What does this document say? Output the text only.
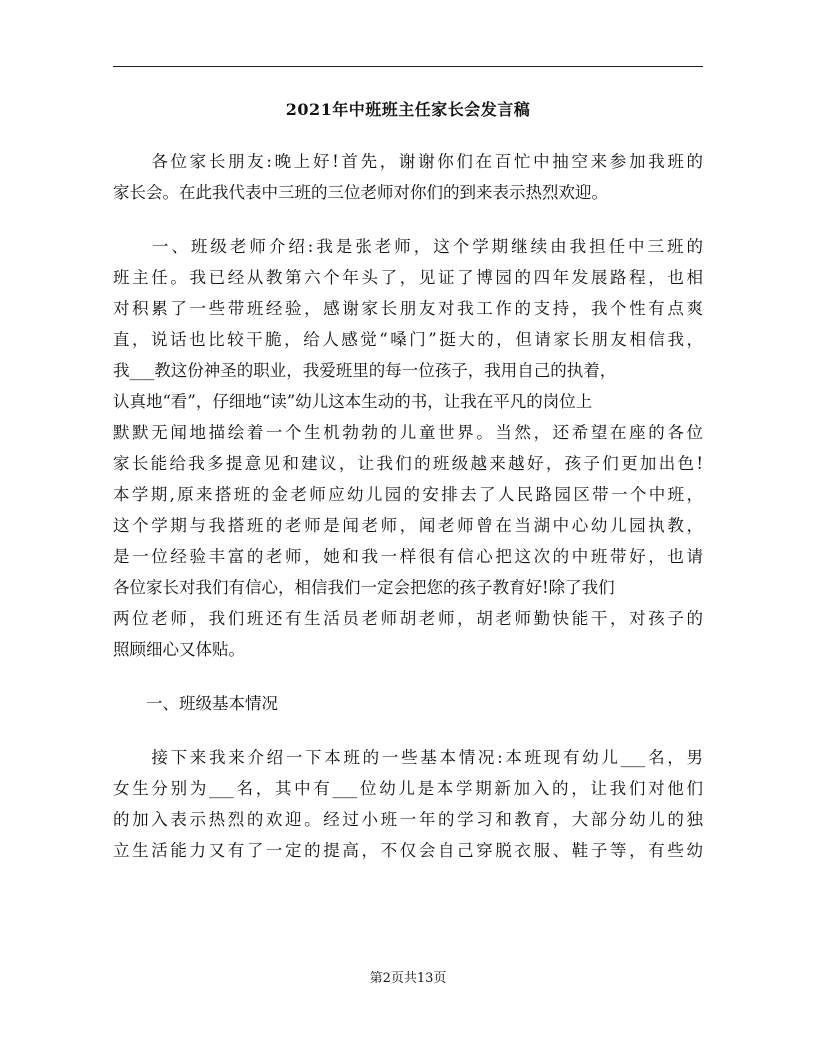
2021年中班班主任家长会发言稿
　　各位家长朋友:晚上好!首先，谢谢你们在百忙中抽空来参加我班的
家长会。在此我代表中三班的三位老师对你们的到来表示热烈欢迎。
　　一、班级老师介绍:我是张老师，这个学期继续由我担任中三班的
班主任。我已经从教第六个年头了，见证了博园的四年发展路程，也相
对积累了一些带班经验，感谢家长朋友对我工作的支持，我个性有点爽
直，说话也比较干脆，给人感觉“嗓门”挺大的，但请家长朋友相信我，
我___教这份神圣的职业，我爱班里的每一位孩子，我用自己的执着，
认真地“看”，仔细地“读”幼儿这本生动的书，让我在平凡的岗位上
默默无闻地描绘着一个生机勃勃的儿童世界。当然，还希望在座的各位
家长能给我多提意见和建议，让我们的班级越来越好，孩子们更加出色!
本学期,原来搭班的金老师应幼儿园的安排去了人民路园区带一个中班，
这个学期与我搭班的老师是闻老师，闻老师曾在当湖中心幼儿园执教，
是一位经验丰富的老师，她和我一样很有信心把这次的中班带好，也请
各位家长对我们有信心，相信我们一定会把您的孩子教育好!除了我们
两位老师，我们班还有生活员老师胡老师，胡老师勤快能干，对孩子的
照顾细心又体贴。
　　一、班级基本情况
　　接下来我来介绍一下本班的一些基本情况:本班现有幼儿___名，男
女生分别为___名，其中有___位幼儿是本学期新加入的，让我们对他们
的加入表示热烈的欢迎。经过小班一年的学习和教育，大部分幼儿的独
立生活能力又有了一定的提高，不仅会自己穿脱衣服、鞋子等，有些幼
第2页共13页
